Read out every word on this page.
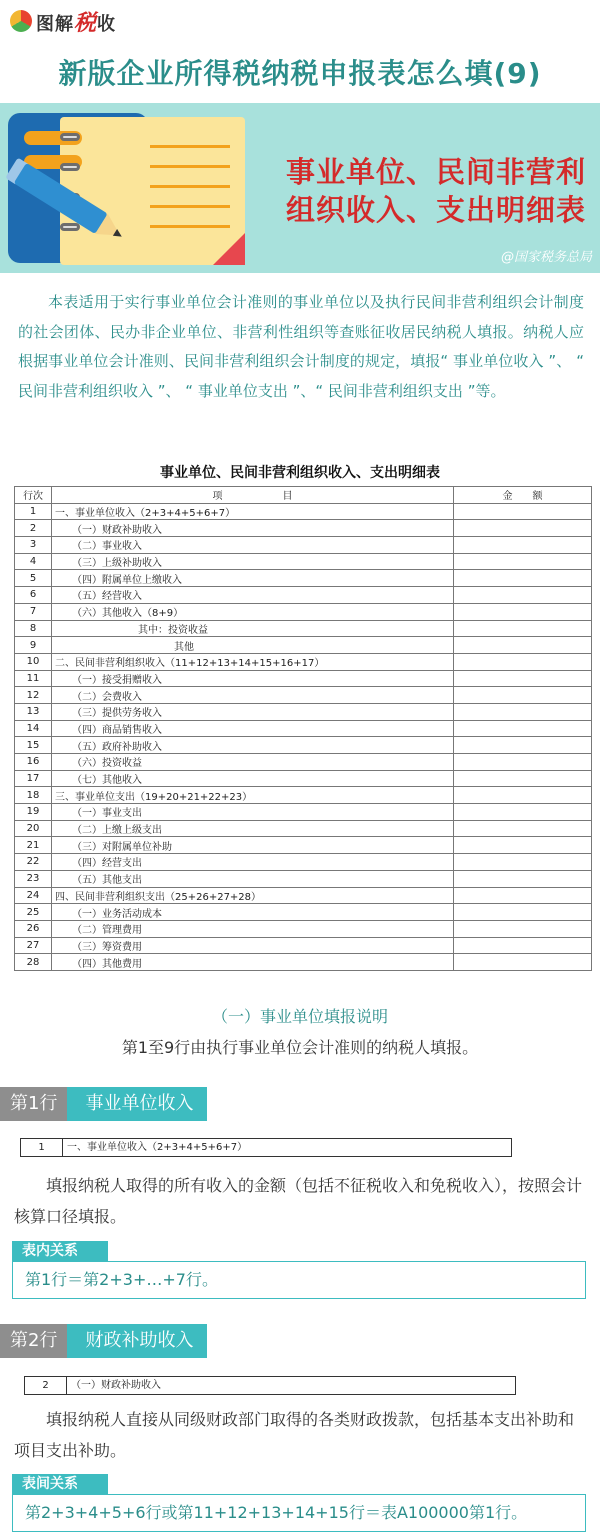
图解税收
新版企业所得税纳税申报表怎么填(9)
事业单位、民间非营利
组织收入、支出明细表
@国家税务总局
本表适用于实行事业单位会计准则的事业单位以及执行民间非营利组织会计制度的社会团体、民办非企业单位、非营利性组织等查账征收居民纳税人填报。纳税人应根据事业单位会计准则、民间非营利组织会计制度的规定，填报“ 事业单位收入 ”、 “ 民间非营利组织收入 ”、 “ 事业单位支出 ”、“ 民间非营利组织支出 ”等。
事业单位、民间非营利组织收入、支出明细表
行次	项　　　　　　目	金　　额
1	一、事业单位收入（2+3+4+5+6+7）	
2	（一）财政补助收入	
3	（二）事业收入	
4	（三）上级补助收入	
5	（四）附属单位上缴收入	
6	（五）经营收入	
7	（六）其他收入（8+9）	
8	其中：投资收益	
9	其他	
10	二、民间非营利组织收入（11+12+13+14+15+16+17）	
11	（一）接受捐赠收入	
12	（二）会费收入	
13	（三）提供劳务收入	
14	（四）商品销售收入	
15	（五）政府补助收入	
16	（六）投资收益	
17	（七）其他收入	
18	三、事业单位支出（19+20+21+22+23）	
19	（一）事业支出	
20	（二）上缴上级支出	
21	（三）对附属单位补助	
22	（四）经营支出	
23	（五）其他支出	
24	四、民间非营利组织支出（25+26+27+28）	
25	（一）业务活动成本	
26	（二）管理费用	
27	（三）筹资费用	
28	（四）其他费用	
（一）事业单位填报说明
第1至9行由执行事业单位会计准则的纳税人填报。
第1行	事业单位收入
1	一、事业单位收入（2+3+4+5+6+7）
填报纳税人取得的所有收入的金额（包括不征税收入和免税收入），按照会计核算口径填报。
表内关系
第1行＝第2+3+…+7行。
第2行	财政补助收入
2	（一）财政补助收入
填报纳税人直接从同级财政部门取得的各类财政拨款，包括基本支出补助和项目支出补助。
表间关系
第2+3+4+5+6行或第11+12+13+14+15行＝表A100000第1行。
